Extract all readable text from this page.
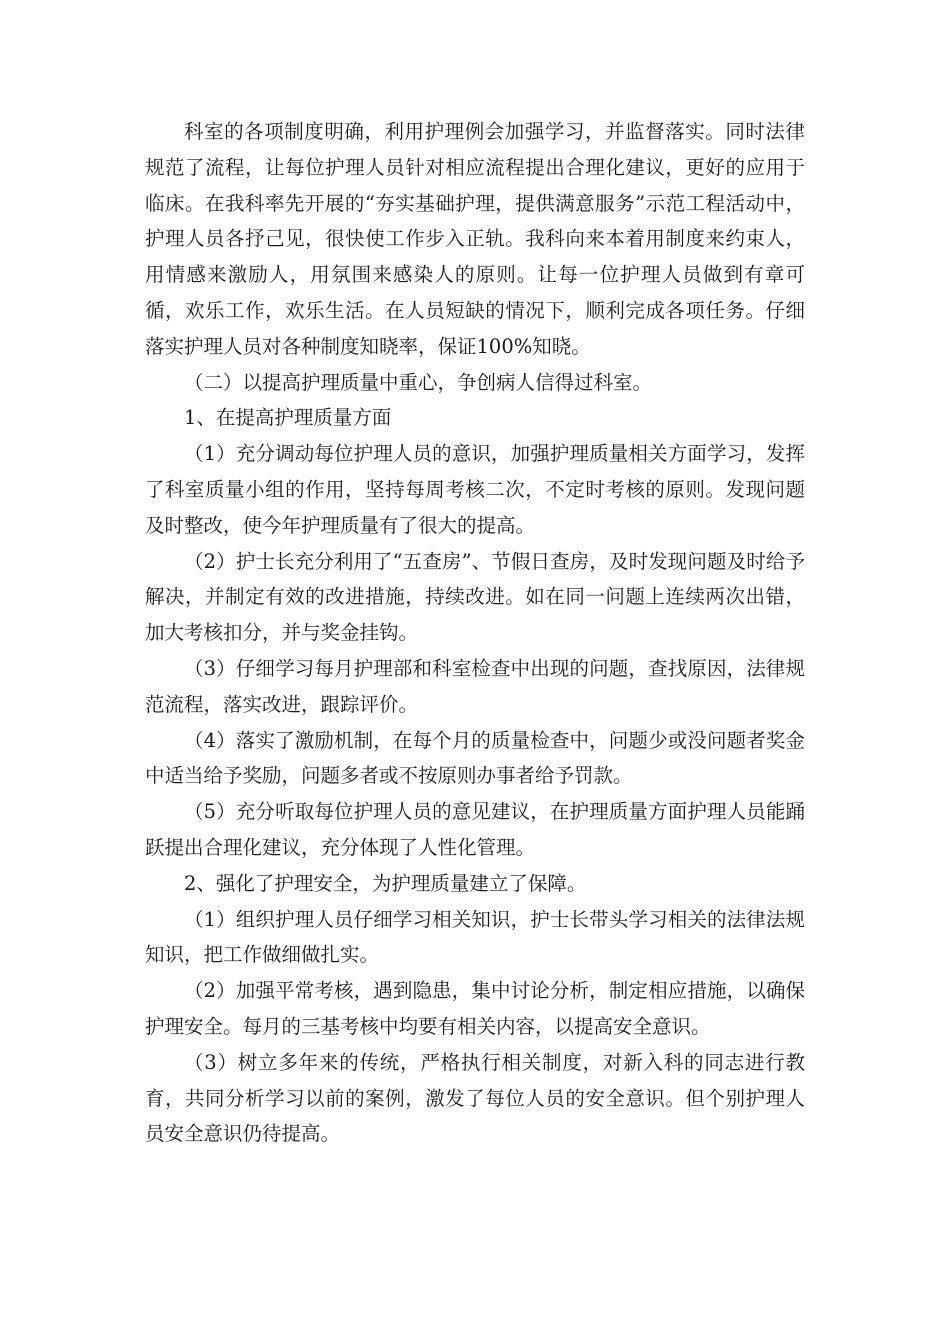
科室的各项制度明确，利用护理例会加强学习，并监督落实。同时法律规范了流程，让每位护理人员针对相应流程提出合理化建议，更好的应用于临床。在我科率先开展的“夯实基础护理，提供满意服务”示范工程活动中，护理人员各抒己见，很快使工作步入正轨。我科向来本着用制度来约束人，用情感来激励人，用氛围来感染人的原则。让每一位护理人员做到有章可循，欢乐工作，欢乐生活。在人员短缺的情况下，顺利完成各项任务。仔细落实护理人员对各种制度知晓率，保证100%知晓。

（二）以提高护理质量中重心，争创病人信得过科室。

1、在提高护理质量方面

（1）充分调动每位护理人员的意识，加强护理质量相关方面学习，发挥了科室质量小组的作用，坚持每周考核二次，不定时考核的原则。发现问题及时整改，使今年护理质量有了很大的提高。

（2）护士长充分利用了“五查房”、节假日查房，及时发现问题及时给予解决，并制定有效的改进措施，持续改进。如在同一问题上连续两次出错，加大考核扣分，并与奖金挂钩。

（3）仔细学习每月护理部和科室检查中出现的问题，查找原因，法律规范流程，落实改进，跟踪评价。

（4）落实了激励机制，在每个月的质量检查中，问题少或没问题者奖金中适当给予奖励，问题多者或不按原则办事者给予罚款。

（5）充分听取每位护理人员的意见建议，在护理质量方面护理人员能踊跃提出合理化建议，充分体现了人性化管理。

2、强化了护理安全，为护理质量建立了保障。

（1）组织护理人员仔细学习相关知识，护士长带头学习相关的法律法规知识，把工作做细做扎实。

（2）加强平常考核，遇到隐患，集中讨论分析，制定相应措施，以确保护理安全。每月的三基考核中均要有相关内容，以提高安全意识。

（3）树立多年来的传统，严格执行相关制度，对新入科的同志进行教育，共同分析学习以前的案例，激发了每位人员的安全意识。但个别护理人员安全意识仍待提高。
